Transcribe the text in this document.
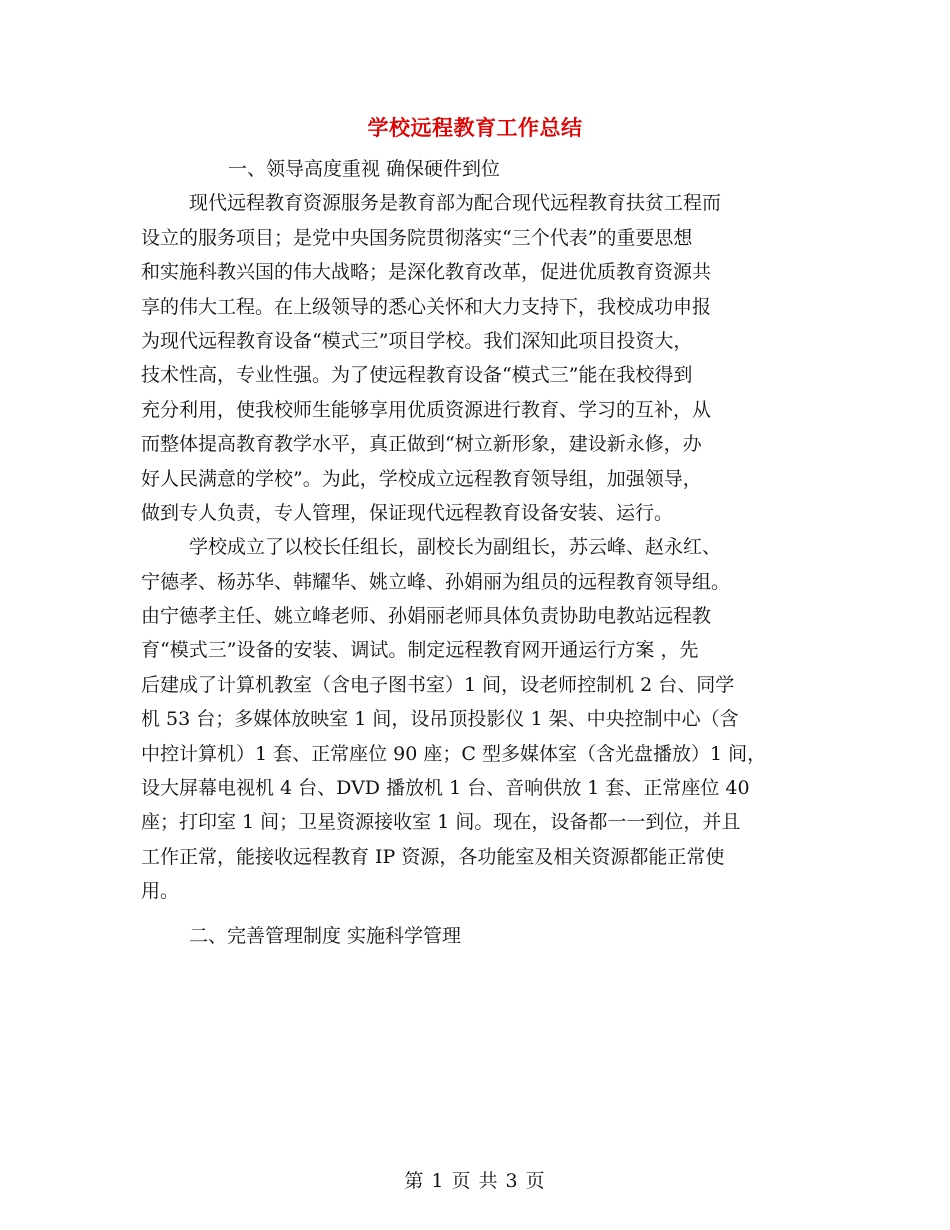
学校远程教育工作总结
一、领导高度重视 确保硬件到位
现代远程教育资源服务是教育部为配合现代远程教育扶贫工程而
设立的服务项目；是党中央国务院贯彻落实“三个代表”的重要思想
和实施科教兴国的伟大战略；是深化教育改革，促进优质教育资源共
享的伟大工程。在上级领导的悉心关怀和大力支持下，我校成功申报
为现代远程教育设备“模式三”项目学校。我们深知此项目投资大，
技术性高，专业性强。为了使远程教育设备“模式三”能在我校得到
充分利用，使我校师生能够享用优质资源进行教育、学习的互补，从
而整体提高教育教学水平，真正做到“树立新形象，建设新永修，办
好人民满意的学校”。为此，学校成立远程教育领导组，加强领导，
做到专人负责，专人管理，保证现代远程教育设备安装、运行。
学校成立了以校长任组长，副校长为副组长，苏云峰、赵永红、
宁德孝、杨苏华、韩耀华、姚立峰、孙娟丽为组员的远程教育领导组。
由宁德孝主任、姚立峰老师、孙娟丽老师具体负责协助电教站远程教
育“模式三”设备的安装、调试。制定远程教育网开通运行方案 ，先
后建成了计算机教室（含电子图书室）1 间，设老师控制机 2 台、同学
机 53 台；多媒体放映室 1 间，设吊顶投影仪 1 架、中央控制中心（含
中控计算机）1 套、正常座位 90 座；C 型多媒体室（含光盘播放）1 间，
设大屏幕电视机 4 台、DVD 播放机 1 台、音响供放 1 套、正常座位 40
座；打印室 1 间；卫星资源接收室 1 间。现在，设备都一一到位，并且
工作正常，能接收远程教育 IP 资源，各功能室及相关资源都能正常使
用。
二、完善管理制度 实施科学管理
第 1 页 共 3 页
